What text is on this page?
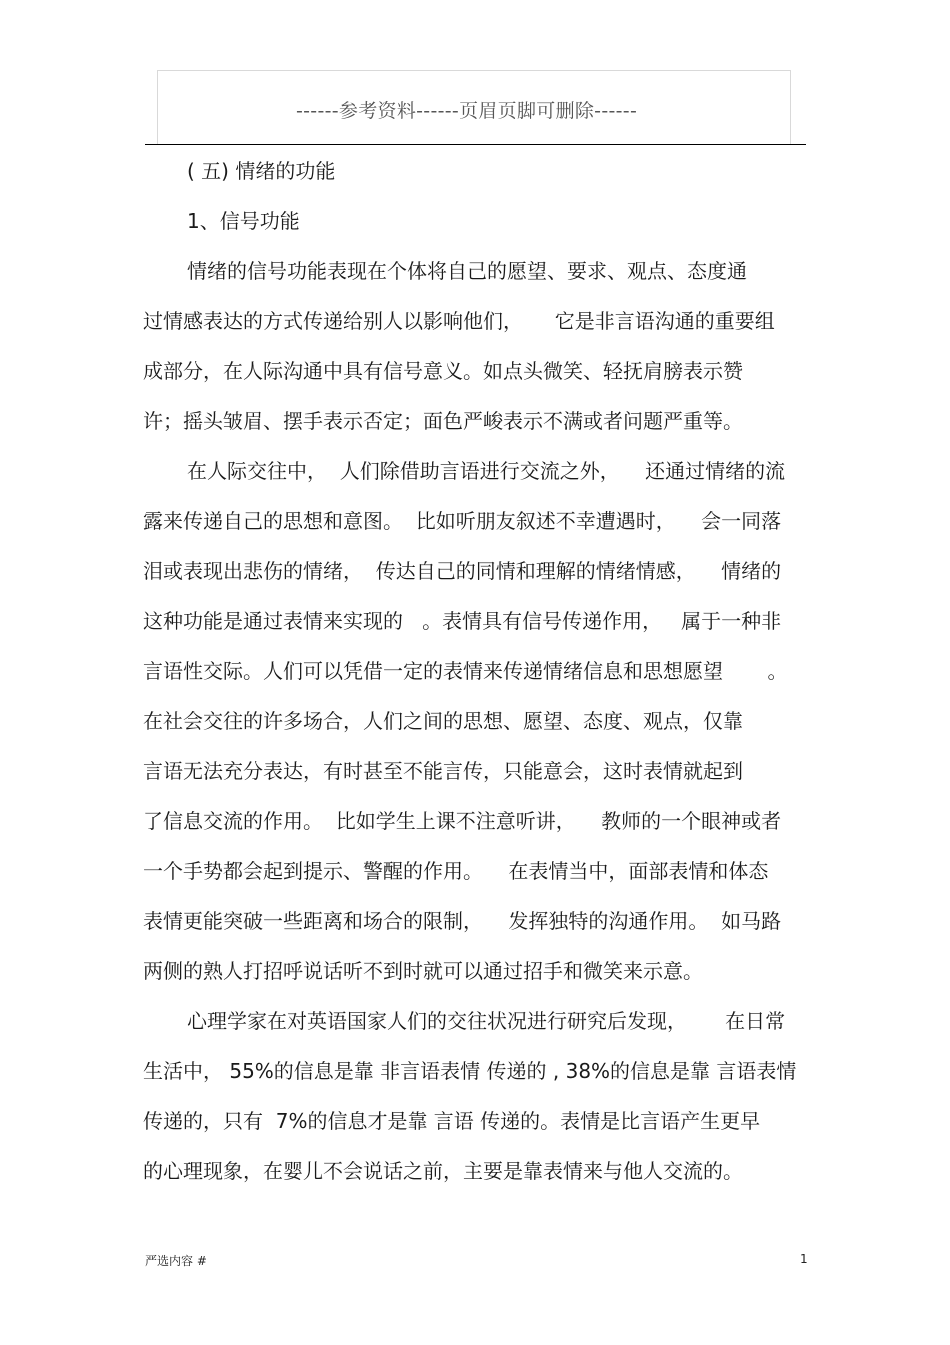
------参考资料------页眉页脚可删除------
( 五) 情绪的功能
1、信号功能
情绪的信号功能表现在个体将自己的愿望、要求、观点、态度通
过情感表达的方式传递给别人以影响他们，     它是非言语沟通的重要组
成部分，在人际沟通中具有信号意义。如点头微笑、轻抚肩膀表示赞
许；摇头皱眉、摆手表示否定；面色严峻表示不满或者问题严重等。
在人际交往中，  人们除借助言语进行交流之外，    还通过情绪的流
露来传递自己的思想和意图。  比如听朋友叙述不幸遭遇时，    会一同落
泪或表现出悲伤的情绪，  传达自己的同情和理解的情绪情感，    情绪的
这种功能是通过表情来实现的   。表情具有信号传递作用，   属于一种非
言语性交际。人们可以凭借一定的表情来传递情绪信息和思想愿望       。
在社会交往的许多场合，人们之间的思想、愿望、态度、观点，仅靠
言语无法充分表达，有时甚至不能言传，只能意会，这时表情就起到
了信息交流的作用。  比如学生上课不注意听讲，    教师的一个眼神或者
一个手势都会起到提示、警醒的作用。    在表情当中，面部表情和体态
表情更能突破一些距离和场合的限制，    发挥独特的沟通作用。  如马路
两侧的熟人打招呼说话听不到时就可以通过招手和微笑来示意。
心理学家在对英语国家人们的交往状况进行研究后发现，      在日常
生活中， 55%的信息是靠 非言语表情 传递的 , 38%的信息是靠 言语表情
传递的，只有  7%的信息才是靠 言语 传递的。表情是比言语产生更早
的心理现象，在婴儿不会说话之前，主要是靠表情来与他人交流的。
严选内容 #	1
